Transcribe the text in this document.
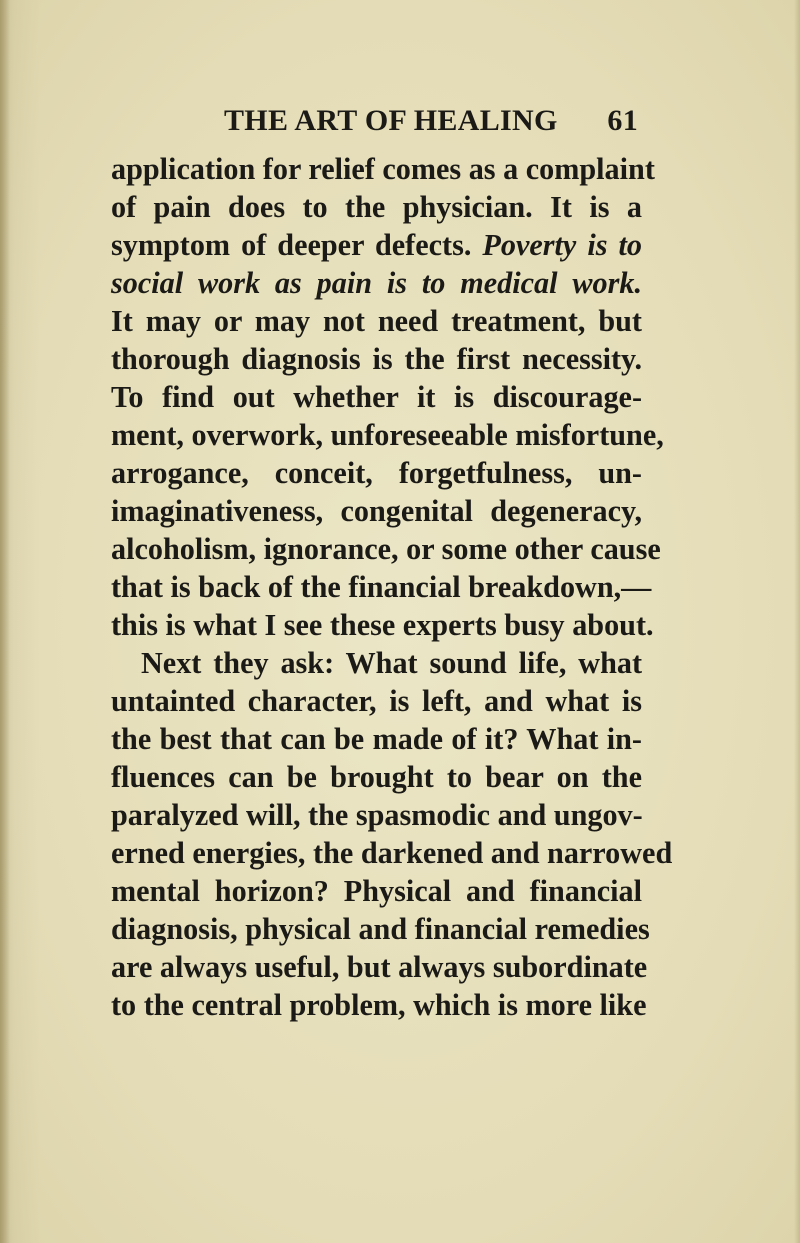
THE ART OF HEALING 61
application for relief comes as a complaint
of pain does to the physician. It is a
symptom of deeper defects. Poverty is to
social work as pain is to medical work.
It may or may not need treatment, but
thorough diagnosis is the first necessity.
To find out whether it is discourage-
ment, overwork, unforeseeable misfortune,
arrogance, conceit, forgetfulness, un-
imaginativeness, congenital degeneracy,
alcoholism, ignorance, or some other cause
that is back of the financial breakdown,—
this is what I see these experts busy about.
Next they ask: What sound life, what
untainted character, is left, and what is
the best that can be made of it? What in-
fluences can be brought to bear on the
paralyzed will, the spasmodic and ungov-
erned energies, the darkened and narrowed
mental horizon? Physical and financial
diagnosis, physical and financial remedies
are always useful, but always subordinate
to the central problem, which is more like
